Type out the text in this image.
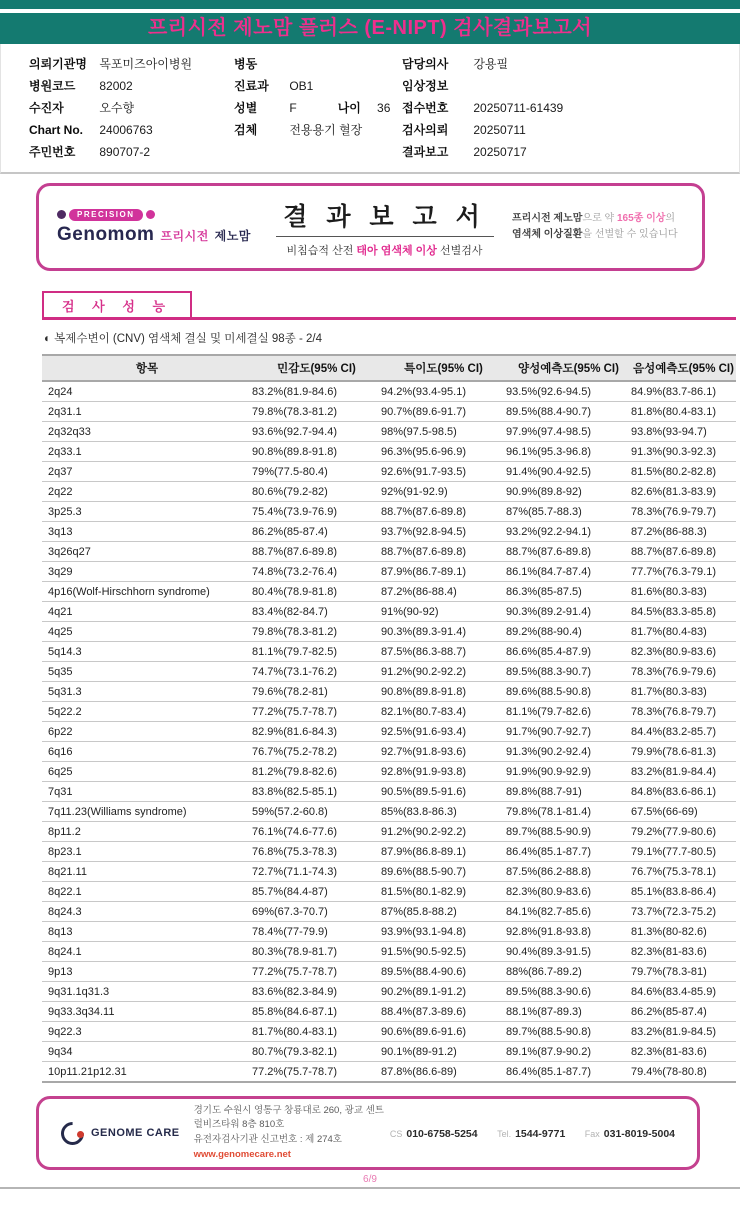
프리시전 제노맘 플러스 (E-NIPT) 검사결과보고서
의뢰기관명 목포미즈아이병원
병원코드 82002
수진자	오수향
Chart No. 24006763
주민번호 890707-2
병동
진료과 OB1
성별	F	나이 36
검체	전용용기 혈장
담당의사 강용필
임상정보
접수번호 20250711-61439
검사의뢰 20250711
결과보고 20250717
PRECISION
Genomom 프리시전 제노맘
결 과 보 고 서
비침습적 산전 태아 염색체 이상 선별검사
프리시전 제노맘으로 약 165종 이상의
염색체 이상질환을 선별할 수 있습니다
검 사 성 능
◐ 복제수변이 (CNV) 염색체 결실 및 미세결실 98종 - 2/4
항목	민감도(95% CI)	특이도(95% CI)	양성예측도(95% CI)	음성예측도(95% CI)
2q24	83.2%(81.9-84.6)	94.2%(93.4-95.1)	93.5%(92.6-94.5)	84.9%(83.7-86.1)
2q31.1	79.8%(78.3-81.2)	90.7%(89.6-91.7)	89.5%(88.4-90.7)	81.8%(80.4-83.1)
2q32q33	93.6%(92.7-94.4)	98%(97.5-98.5)	97.9%(97.4-98.5)	93.8%(93-94.7)
2q33.1	90.8%(89.8-91.8)	96.3%(95.6-96.9)	96.1%(95.3-96.8)	91.3%(90.3-92.3)
2q37	79%(77.5-80.4)	92.6%(91.7-93.5)	91.4%(90.4-92.5)	81.5%(80.2-82.8)
2q22	80.6%(79.2-82)	92%(91-92.9)	90.9%(89.8-92)	82.6%(81.3-83.9)
3p25.3	75.4%(73.9-76.9)	88.7%(87.6-89.8)	87%(85.7-88.3)	78.3%(76.9-79.7)
3q13	86.2%(85-87.4)	93.7%(92.8-94.5)	93.2%(92.2-94.1)	87.2%(86-88.3)
3q26q27	88.7%(87.6-89.8)	88.7%(87.6-89.8)	88.7%(87.6-89.8)	88.7%(87.6-89.8)
3q29	74.8%(73.2-76.4)	87.9%(86.7-89.1)	86.1%(84.7-87.4)	77.7%(76.3-79.1)
4p16(Wolf-Hirschhorn syndrome)	80.4%(78.9-81.8)	87.2%(86-88.4)	86.3%(85-87.5)	81.6%(80.3-83)
4q21	83.4%(82-84.7)	91%(90-92)	90.3%(89.2-91.4)	84.5%(83.3-85.8)
4q25	79.8%(78.3-81.2)	90.3%(89.3-91.4)	89.2%(88-90.4)	81.7%(80.4-83)
5q14.3	81.1%(79.7-82.5)	87.5%(86.3-88.7)	86.6%(85.4-87.9)	82.3%(80.9-83.6)
5q35	74.7%(73.1-76.2)	91.2%(90.2-92.2)	89.5%(88.3-90.7)	78.3%(76.9-79.6)
5q31.3	79.6%(78.2-81)	90.8%(89.8-91.8)	89.6%(88.5-90.8)	81.7%(80.3-83)
5q22.2	77.2%(75.7-78.7)	82.1%(80.7-83.4)	81.1%(79.7-82.6)	78.3%(76.8-79.7)
6p22	82.9%(81.6-84.3)	92.5%(91.6-93.4)	91.7%(90.7-92.7)	84.4%(83.2-85.7)
6q16	76.7%(75.2-78.2)	92.7%(91.8-93.6)	91.3%(90.2-92.4)	79.9%(78.6-81.3)
6q25	81.2%(79.8-82.6)	92.8%(91.9-93.8)	91.9%(90.9-92.9)	83.2%(81.9-84.4)
7q31	83.8%(82.5-85.1)	90.5%(89.5-91.6)	89.8%(88.7-91)	84.8%(83.6-86.1)
7q11.23(Williams syndrome)	59%(57.2-60.8)	85%(83.8-86.3)	79.8%(78.1-81.4)	67.5%(66-69)
8p11.2	76.1%(74.6-77.6)	91.2%(90.2-92.2)	89.7%(88.5-90.9)	79.2%(77.9-80.6)
8p23.1	76.8%(75.3-78.3)	87.9%(86.8-89.1)	86.4%(85.1-87.7)	79.1%(77.7-80.5)
8q21.11	72.7%(71.1-74.3)	89.6%(88.5-90.7)	87.5%(86.2-88.8)	76.7%(75.3-78.1)
8q22.1	85.7%(84.4-87)	81.5%(80.1-82.9)	82.3%(80.9-83.6)	85.1%(83.8-86.4)
8q24.3	69%(67.3-70.7)	87%(85.8-88.2)	84.1%(82.7-85.6)	73.7%(72.3-75.2)
8q13	78.4%(77-79.9)	93.9%(93.1-94.8)	92.8%(91.8-93.8)	81.3%(80-82.6)
8q24.1	80.3%(78.9-81.7)	91.5%(90.5-92.5)	90.4%(89.3-91.5)	82.3%(81-83.6)
9p13	77.2%(75.7-78.7)	89.5%(88.4-90.6)	88%(86.7-89.2)	79.7%(78.3-81)
9q31.1q31.3	83.6%(82.3-84.9)	90.2%(89.1-91.2)	89.5%(88.3-90.6)	84.6%(83.4-85.9)
9q33.3q34.11	85.8%(84.6-87.1)	88.4%(87.3-89.6)	88.1%(87-89.3)	86.2%(85-87.4)
9q22.3	81.7%(80.4-83.1)	90.6%(89.6-91.6)	89.7%(88.5-90.8)	83.2%(81.9-84.5)
9q34	80.7%(79.3-82.1)	90.1%(89-91.2)	89.1%(87.9-90.2)	82.3%(81-83.6)
10p11.21p12.31	77.2%(75.7-78.7)	87.8%(86.6-89)	86.4%(85.1-87.7)	79.4%(78-80.8)
GENOME CARE
경기도 수원시 영통구 창룡대로 260, 광교 센트럴비즈타워 8층 810호
유전자검사기관 신고번호 : 제 274호
www.genomecare.net
CS 010-6758-5254 Tel. 1544-9771 Fax 031-8019-5004
6/9
